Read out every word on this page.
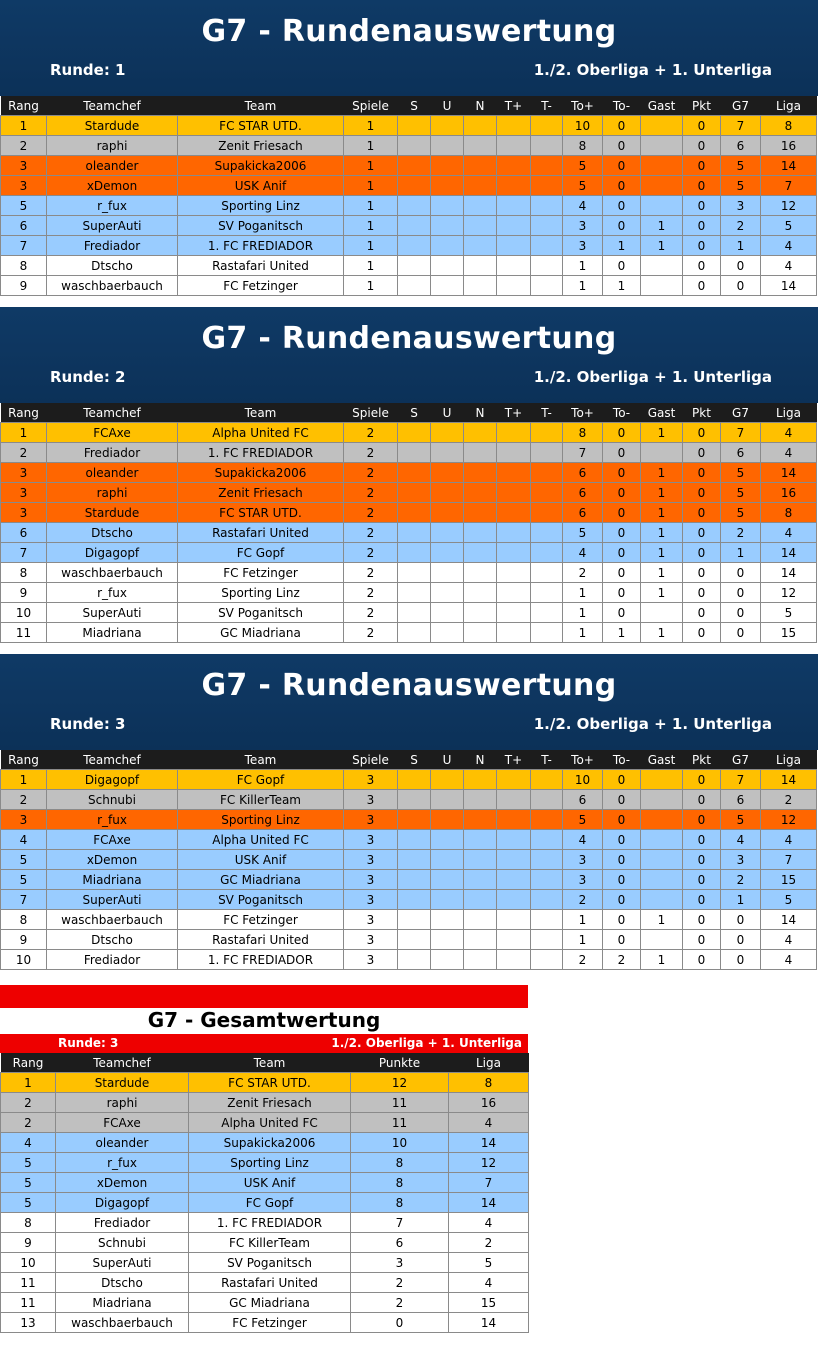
G7 - Rundenauswertung
Runde: 1	1./2. Oberliga + 1. Unterliga
Rang	Teamchef	Team	Spiele	S	U	N	T+	T-	To+	To-	Gast	Pkt	G7	Liga
1	Stardude	FC STAR UTD.	1						10	0		0	7	8
2	raphi	Zenit Friesach	1						8	0		0	6	16
3	oleander	Supakicka2006	1						5	0		0	5	14
3	xDemon	USK Anif	1						5	0		0	5	7
5	r_fux	Sporting Linz	1						4	0		0	3	12
6	SuperAuti	SV Poganitsch	1						3	0	1	0	2	5
7	Frediador	1. FC FREDIADOR	1						3	1	1	0	1	4
8	Dtscho	Rastafari United	1						1	0		0	0	4
9	waschbaerbauch	FC Fetzinger	1						1	1		0	0	14
G7 - Rundenauswertung
Runde: 2	1./2. Oberliga + 1. Unterliga
Rang	Teamchef	Team	Spiele	S	U	N	T+	T-	To+	To-	Gast	Pkt	G7	Liga
1	FCAxe	Alpha United FC	2						8	0	1	0	7	4
2	Frediador	1. FC FREDIADOR	2						7	0		0	6	4
3	oleander	Supakicka2006	2						6	0	1	0	5	14
3	raphi	Zenit Friesach	2						6	0	1	0	5	16
3	Stardude	FC STAR UTD.	2						6	0	1	0	5	8
6	Dtscho	Rastafari United	2						5	0	1	0	2	4
7	Digagopf	FC Gopf	2						4	0	1	0	1	14
8	waschbaerbauch	FC Fetzinger	2						2	0	1	0	0	14
9	r_fux	Sporting Linz	2						1	0	1	0	0	12
10	SuperAuti	SV Poganitsch	2						1	0		0	0	5
11	Miadriana	GC Miadriana	2						1	1	1	0	0	15
G7 - Rundenauswertung
Runde: 3	1./2. Oberliga + 1. Unterliga
Rang	Teamchef	Team	Spiele	S	U	N	T+	T-	To+	To-	Gast	Pkt	G7	Liga
1	Digagopf	FC Gopf	3						10	0		0	7	14
2	Schnubi	FC KillerTeam	3						6	0		0	6	2
3	r_fux	Sporting Linz	3						5	0		0	5	12
4	FCAxe	Alpha United FC	3						4	0		0	4	4
5	xDemon	USK Anif	3						3	0		0	3	7
5	Miadriana	GC Miadriana	3						3	0		0	2	15
7	SuperAuti	SV Poganitsch	3						2	0		0	1	5
8	waschbaerbauch	FC Fetzinger	3						1	0	1	0	0	14
9	Dtscho	Rastafari United	3						1	0		0	0	4
10	Frediador	1. FC FREDIADOR	3						2	2	1	0	0	4
G7 - Gesamtwertung
Runde: 3	1./2. Oberliga + 1. Unterliga
Rang	Teamchef	Team	Punkte	Liga
1	Stardude	FC STAR UTD.	12	8
2	raphi	Zenit Friesach	11	16
2	FCAxe	Alpha United FC	11	4
4	oleander	Supakicka2006	10	14
5	r_fux	Sporting Linz	8	12
5	xDemon	USK Anif	8	7
5	Digagopf	FC Gopf	8	14
8	Frediador	1. FC FREDIADOR	7	4
9	Schnubi	FC KillerTeam	6	2
10	SuperAuti	SV Poganitsch	3	5
11	Dtscho	Rastafari United	2	4
11	Miadriana	GC Miadriana	2	15
13	waschbaerbauch	FC Fetzinger	0	14
